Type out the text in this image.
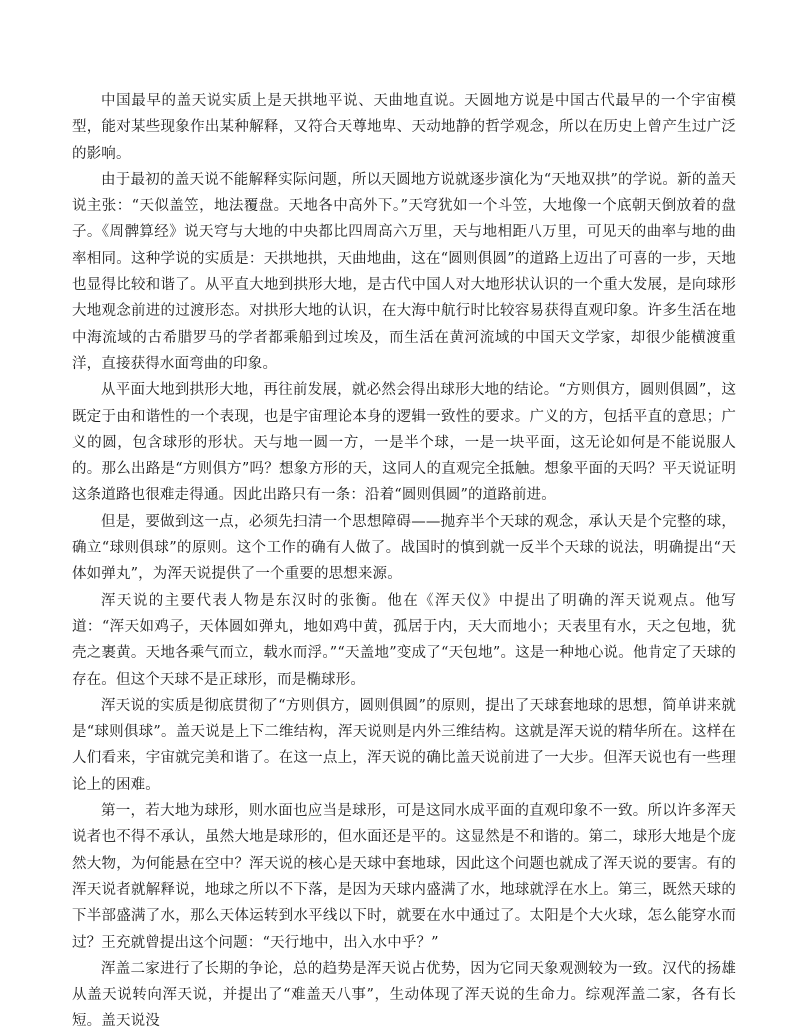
中国最早的盖天说实质上是天拱地平说、天曲地直说。天圆地方说是中国古代最早的一个宇宙模型，能对某些现象作出某种解释，又符合天尊地卑、天动地静的哲学观念，所以在历史上曾产生过广泛的影响。

由于最初的盖天说不能解释实际问题，所以天圆地方说就逐步演化为“天地双拱”的学说。新的盖天说主张：“天似盖笠，地法覆盘。天地各中高外下。”天穹犹如一个斗笠，大地像一个底朝天倒放着的盘子。《周髀算经》说天穹与大地的中央都比四周高六万里，天与地相距八万里，可见天的曲率与地的曲率相同。这种学说的实质是：天拱地拱，天曲地曲，这在“圆则俱圆”的道路上迈出了可喜的一步，天地也显得比较和谐了。从平直大地到拱形大地，是古代中国人对大地形状认识的一个重大发展，是向球形大地观念前进的过渡形态。对拱形大地的认识，在大海中航行时比较容易获得直观印象。许多生活在地中海流域的古希腊罗马的学者都乘船到过埃及，而生活在黄河流域的中国天文学家，却很少能横渡重洋，直接获得水面弯曲的印象。

从平面大地到拱形大地，再往前发展，就必然会得出球形大地的结论。“方则俱方，圆则俱圆”，这既定于由和谐性的一个表现，也是宇宙理论本身的逻辑一致性的要求。广义的方，包括平直的意思；广义的圆，包含球形的形状。天与地一圆一方，一是半个球，一是一块平面，这无论如何是不能说服人的。那么出路是“方则俱方”吗？想象方形的天，这同人的直观完全抵触。想象平面的天吗？平天说证明这条道路也很难走得通。因此出路只有一条：沿着“圆则俱圆”的道路前进。

但是，要做到这一点，必须先扫清一个思想障碍——抛弃半个天球的观念，承认天是个完整的球，确立“球则俱球”的原则。这个工作的确有人做了。战国时的慎到就一反半个天球的说法，明确提出“天体如弹丸”，为浑天说提供了一个重要的思想来源。

浑天说的主要代表人物是东汉时的张衡。他在《浑天仪》中提出了明确的浑天说观点。他写道：“浑天如鸡子，天体圆如弹丸，地如鸡中黄，孤居于内，天大而地小；天表里有水，天之包地，犹壳之裹黄。天地各乘气而立，载水而浮。”“天盖地”变成了“天包地”。这是一种地心说。他肯定了天球的存在。但这个天球不是正球形，而是椭球形。

浑天说的实质是彻底贯彻了“方则俱方，圆则俱圆”的原则，提出了天球套地球的思想，简单讲来就是“球则俱球”。盖天说是上下二维结构，浑天说则是内外三维结构。这就是浑天说的精华所在。这样在人们看来，宇宙就完美和谐了。在这一点上，浑天说的确比盖天说前进了一大步。但浑天说也有一些理论上的困难。

第一，若大地为球形，则水面也应当是球形，可是这同水成平面的直观印象不一致。所以许多浑天说者也不得不承认，虽然大地是球形的，但水面还是平的。这显然是不和谐的。第二，球形大地是个庞然大物，为何能悬在空中？浑天说的核心是天球中套地球，因此这个问题也就成了浑天说的要害。有的浑天说者就解释说，地球之所以不下落，是因为天球内盛满了水，地球就浮在水上。第三，既然天球的下半部盛满了水，那么天体运转到水平线以下时，就要在水中通过了。太阳是个大火球，怎么能穿水而过？王充就曾提出这个问题：“天行地中，出入水中乎？”

浑盖二家进行了长期的争论，总的趋势是浑天说占优势，因为它同天象观测较为一致。汉代的扬雄从盖天说转向浑天说，并提出了“难盖天八事”，生动体现了浑天说的生命力。综观浑盖二家，各有长短。盖天说没
